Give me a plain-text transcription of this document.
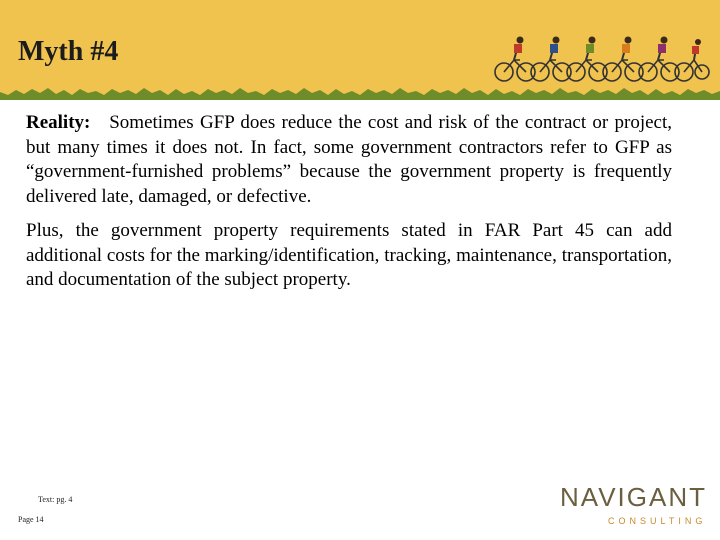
Myth #4

Reality: Sometimes GFP does reduce the cost and risk of the contract or project, but many times it does not. In fact, some government contractors refer to GFP as “government-furnished problems” because the government property is frequently delivered late, damaged, or defective.

Plus, the government property requirements stated in FAR Part 45 can add additional costs for the marking/identification, tracking, maintenance, transportation, and documentation of the subject property.

Text: pg. 4
Page 14
NAVIGANT
CONSULTING
